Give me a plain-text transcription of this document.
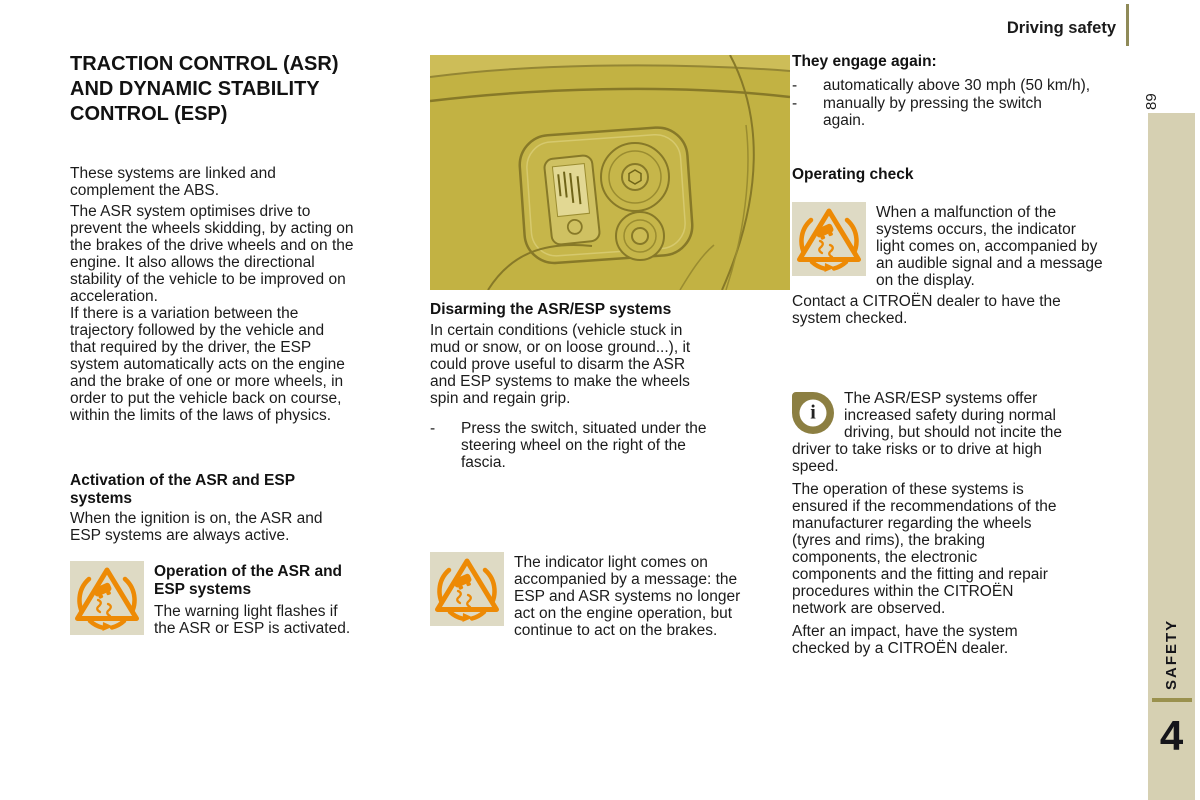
Driving safety
89
SAFETY
4
TRACTION CONTROL (ASR) AND DYNAMIC STABILITY CONTROL (ESP)

These systems are linked and complement the ABS.

The ASR system optimises drive to prevent the wheels skidding, by acting on the brakes of the drive wheels and on the engine. It also allows the directional stability of the vehicle to be improved on acceleration.

If there is a variation between the trajectory followed by the vehicle and that required by the driver, the ESP system automatically acts on the engine and the brake of one or more wheels, in order to put the vehicle back on course, within the limits of the laws of physics.

Activation of the ASR and ESP systems

When the ignition is on, the ASR and ESP systems are always active.

Operation of the ASR and ESP systems

The warning light flashes if the ASR or ESP is activated.

Disarming the ASR/ESP systems

In certain conditions (vehicle stuck in mud or snow, or on loose ground...), it could prove useful to disarm the ASR and ESP systems to make the wheels spin and regain grip.

-	Press the switch, situated under the steering wheel on the right of the fascia.

The indicator light comes on accompanied by a message: the ESP and ASR systems no longer act on the engine operation, but continue to act on the brakes.

They engage again:
-	automatically above 30 mph (50 km/h),
-	manually by pressing the switch again.
Operating check

When a malfunction of the systems occurs, the indicator light comes on, accompanied by an audible signal and a message on the display.

Contact a CITROËN dealer to have the system checked.

i

The ASR/ESP systems offer increased safety during normal driving, but should not incite the driver to take risks or to drive at high speed.

The operation of these systems is ensured if the recommendations of the manufacturer regarding the wheels (tyres and rims), the braking components, the electronic components and the fitting and repair procedures within the CITROËN network are observed.

After an impact, have the system checked by a CITROËN dealer.
